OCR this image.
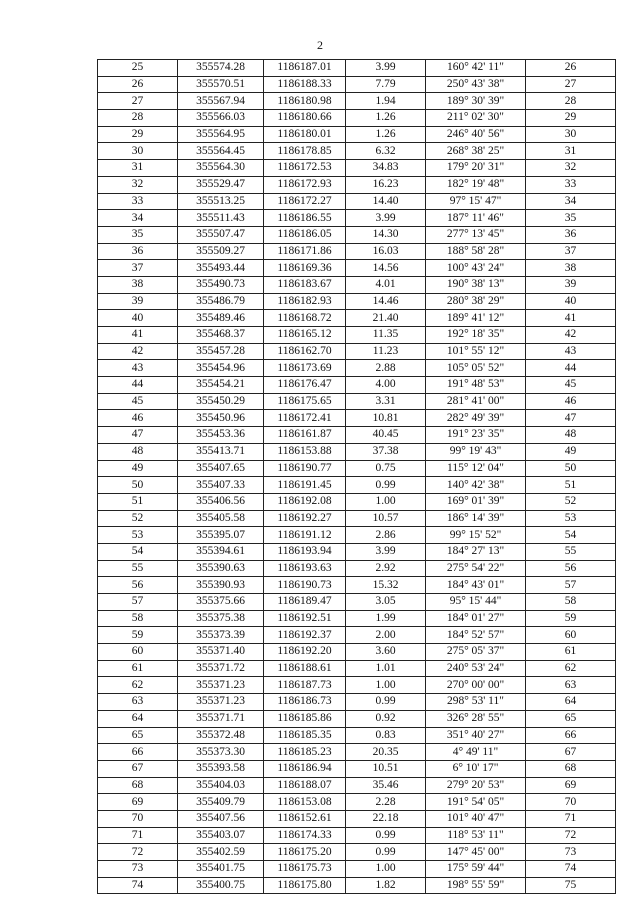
2
25	355574.28	1186187.01	3.99	160° 42' 11"	26
26	355570.51	1186188.33	7.79	250° 43' 38"	27
27	355567.94	1186180.98	1.94	189° 30' 39"	28
28	355566.03	1186180.66	1.26	211° 02' 30"	29
29	355564.95	1186180.01	1.26	246° 40' 56"	30
30	355564.45	1186178.85	6.32	268° 38' 25"	31
31	355564.30	1186172.53	34.83	179° 20' 31"	32
32	355529.47	1186172.93	16.23	182° 19' 48"	33
33	355513.25	1186172.27	14.40	97° 15' 47"	34
34	355511.43	1186186.55	3.99	187° 11' 46"	35
35	355507.47	1186186.05	14.30	277° 13' 45"	36
36	355509.27	1186171.86	16.03	188° 58' 28"	37
37	355493.44	1186169.36	14.56	100° 43' 24"	38
38	355490.73	1186183.67	4.01	190° 38' 13"	39
39	355486.79	1186182.93	14.46	280° 38' 29"	40
40	355489.46	1186168.72	21.40	189° 41' 12"	41
41	355468.37	1186165.12	11.35	192° 18' 35"	42
42	355457.28	1186162.70	11.23	101° 55' 12"	43
43	355454.96	1186173.69	2.88	105° 05' 52"	44
44	355454.21	1186176.47	4.00	191° 48' 53"	45
45	355450.29	1186175.65	3.31	281° 41' 00"	46
46	355450.96	1186172.41	10.81	282° 49' 39"	47
47	355453.36	1186161.87	40.45	191° 23' 35"	48
48	355413.71	1186153.88	37.38	99° 19' 43"	49
49	355407.65	1186190.77	0.75	115° 12' 04"	50
50	355407.33	1186191.45	0.99	140° 42' 38"	51
51	355406.56	1186192.08	1.00	169° 01' 39"	52
52	355405.58	1186192.27	10.57	186° 14' 39"	53
53	355395.07	1186191.12	2.86	99° 15' 52"	54
54	355394.61	1186193.94	3.99	184° 27' 13"	55
55	355390.63	1186193.63	2.92	275° 54' 22"	56
56	355390.93	1186190.73	15.32	184° 43' 01"	57
57	355375.66	1186189.47	3.05	95° 15' 44"	58
58	355375.38	1186192.51	1.99	184° 01' 27"	59
59	355373.39	1186192.37	2.00	184° 52' 57"	60
60	355371.40	1186192.20	3.60	275° 05' 37"	61
61	355371.72	1186188.61	1.01	240° 53' 24"	62
62	355371.23	1186187.73	1.00	270° 00' 00"	63
63	355371.23	1186186.73	0.99	298° 53' 11"	64
64	355371.71	1186185.86	0.92	326° 28' 55"	65
65	355372.48	1186185.35	0.83	351° 40' 27"	66
66	355373.30	1186185.23	20.35	4° 49' 11"	67
67	355393.58	1186186.94	10.51	6° 10' 17"	68
68	355404.03	1186188.07	35.46	279° 20' 53"	69
69	355409.79	1186153.08	2.28	191° 54' 05"	70
70	355407.56	1186152.61	22.18	101° 40' 47"	71
71	355403.07	1186174.33	0.99	118° 53' 11"	72
72	355402.59	1186175.20	0.99	147° 45' 00"	73
73	355401.75	1186175.73	1.00	175° 59' 44"	74
74	355400.75	1186175.80	1.82	198° 55' 59"	75
